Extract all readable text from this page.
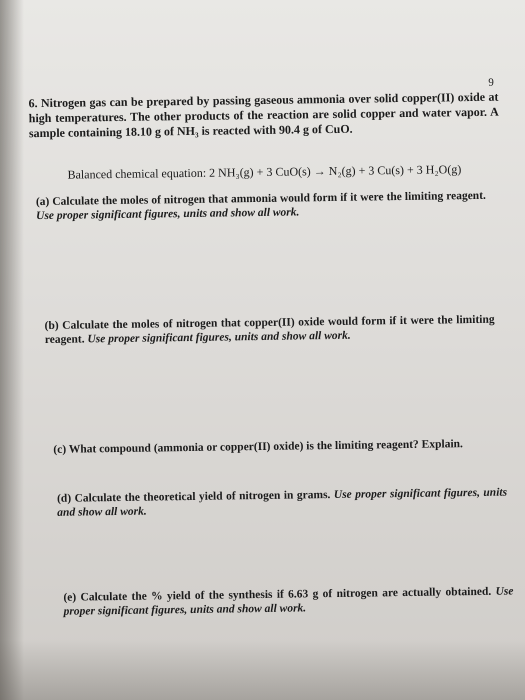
9
6. Nitrogen gas can be prepared by passing gaseous ammonia over solid copper(II) oxide at high temperatures. The other products of the reaction are solid copper and water vapor. A sample containing 18.10 g of NH₃ is reacted with 90.4 g of CuO.
Balanced chemical equation: 2 NH₃(g) + 3 CuO(s) → N₂(g) + 3 Cu(s) + 3 H₂O(g)
(a) Calculate the moles of nitrogen that ammonia would form if it were the limiting reagent. Use proper significant figures, units and show all work.
(b) Calculate the moles of nitrogen that copper(II) oxide would form if it were the limiting reagent. Use proper significant figures, units and show all work.
(c) What compound (ammonia or copper(II) oxide) is the limiting reagent? Explain.
(d) Calculate the theoretical yield of nitrogen in grams. Use proper significant figures, units and show all work.
(e) Calculate the % yield of the synthesis if 6.63 g of nitrogen are actually obtained. Use proper significant figures, units and show all work.
